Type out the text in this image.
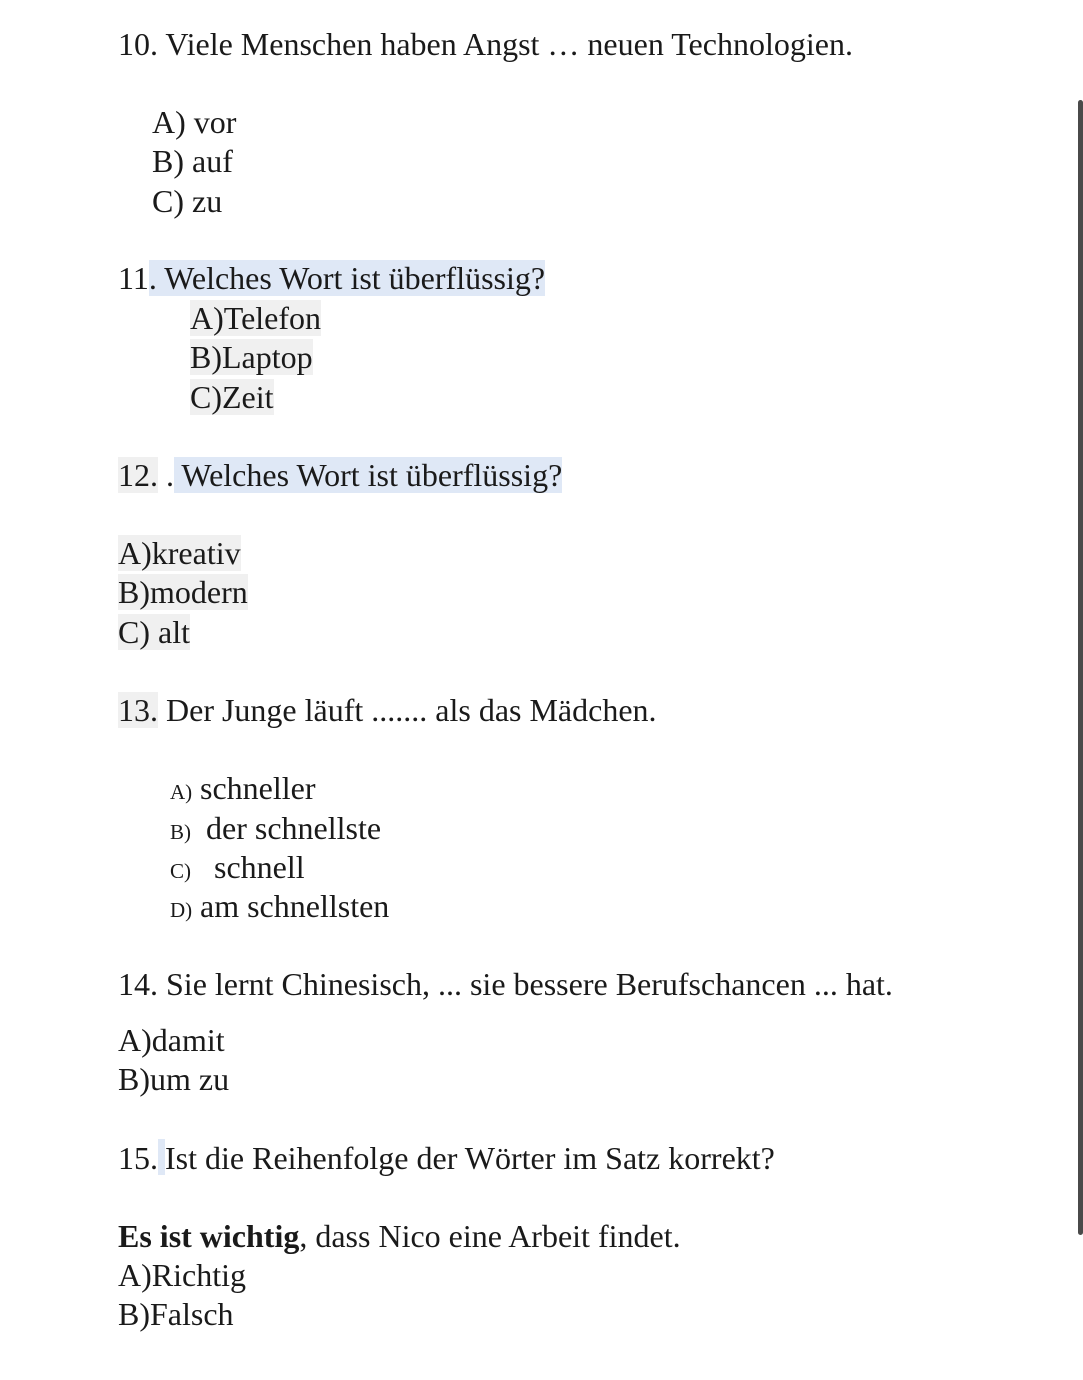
10. Viele Menschen haben Angst … neuen Technologien.
A) vor
B) auf
C) zu
11. Welches Wort ist überflüssig?
A)Telefon
B)Laptop
C)Zeit
12. . Welches Wort ist überflüssig?
A)kreativ
B)modern
C) alt
13. Der Junge läuft ....... als das Mädchen.
A) schneller
B) der schnellste
C) schnell
D) am schnellsten
14. Sie lernt Chinesisch, ... sie bessere Berufschancen ... hat.
A)damit
B)um zu
15. Ist die Reihenfolge der Wörter im Satz korrekt?
Es ist wichtig, dass Nico eine Arbeit findet.
A)Richtig
B)Falsch
